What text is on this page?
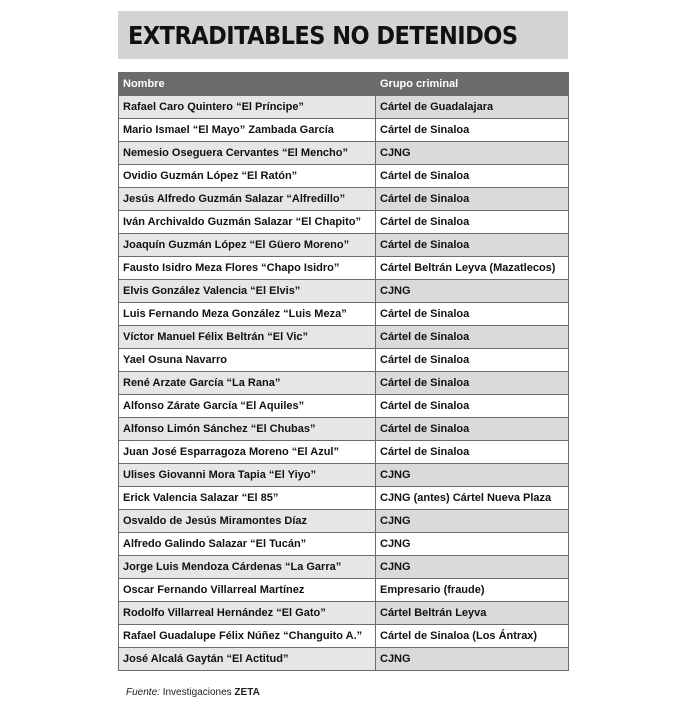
EXTRADITABLES NO DETENIDOS
Nombre	Grupo criminal
Rafael Caro Quintero “El Príncipe”	Cártel de Guadalajara
Mario Ismael “El Mayo” Zambada García	Cártel de Sinaloa
Nemesio Oseguera Cervantes “El Mencho”	CJNG
Ovidio Guzmán López “El Ratón”	Cártel de Sinaloa
Jesús Alfredo Guzmán Salazar “Alfredillo”	Cártel de Sinaloa
Iván Archivaldo Guzmán Salazar “El Chapito”	Cártel de Sinaloa
Joaquín Guzmán López “El Güero Moreno”	Cártel de Sinaloa
Fausto Isidro Meza Flores “Chapo Isidro”	Cártel Beltrán Leyva (Mazatlecos)
Elvis González Valencia “El Elvis”	CJNG
Luis Fernando Meza González “Luis Meza”	Cártel de Sinaloa
Víctor Manuel Félix Beltrán “El Vic”	Cártel de Sinaloa
Yael Osuna Navarro	Cártel de Sinaloa
René Arzate García “La Rana”	Cártel de Sinaloa
Alfonso Zárate García “El Aquiles”	Cártel de Sinaloa
Alfonso Limón Sánchez “El Chubas”	Cártel de Sinaloa
Juan José Esparragoza Moreno “El Azul”	Cártel de Sinaloa
Ulises Giovanni Mora Tapia “El Yiyo”	CJNG
Erick Valencia Salazar “El 85”	CJNG (antes) Cártel Nueva Plaza
Osvaldo de Jesús Miramontes Díaz	CJNG
Alfredo Galindo Salazar “El Tucán”	CJNG
Jorge Luis Mendoza Cárdenas “La Garra”	CJNG
Oscar Fernando Villarreal Martínez	Empresario (fraude)
Rodolfo Villarreal Hernández “El Gato”	Cártel Beltrán Leyva
Rafael Guadalupe Félix Núñez “Changuito A.”	Cártel de Sinaloa (Los Ántrax)
José Alcalá Gaytán “El Actitud”	CJNG
Fuente: Investigaciones ZETA
